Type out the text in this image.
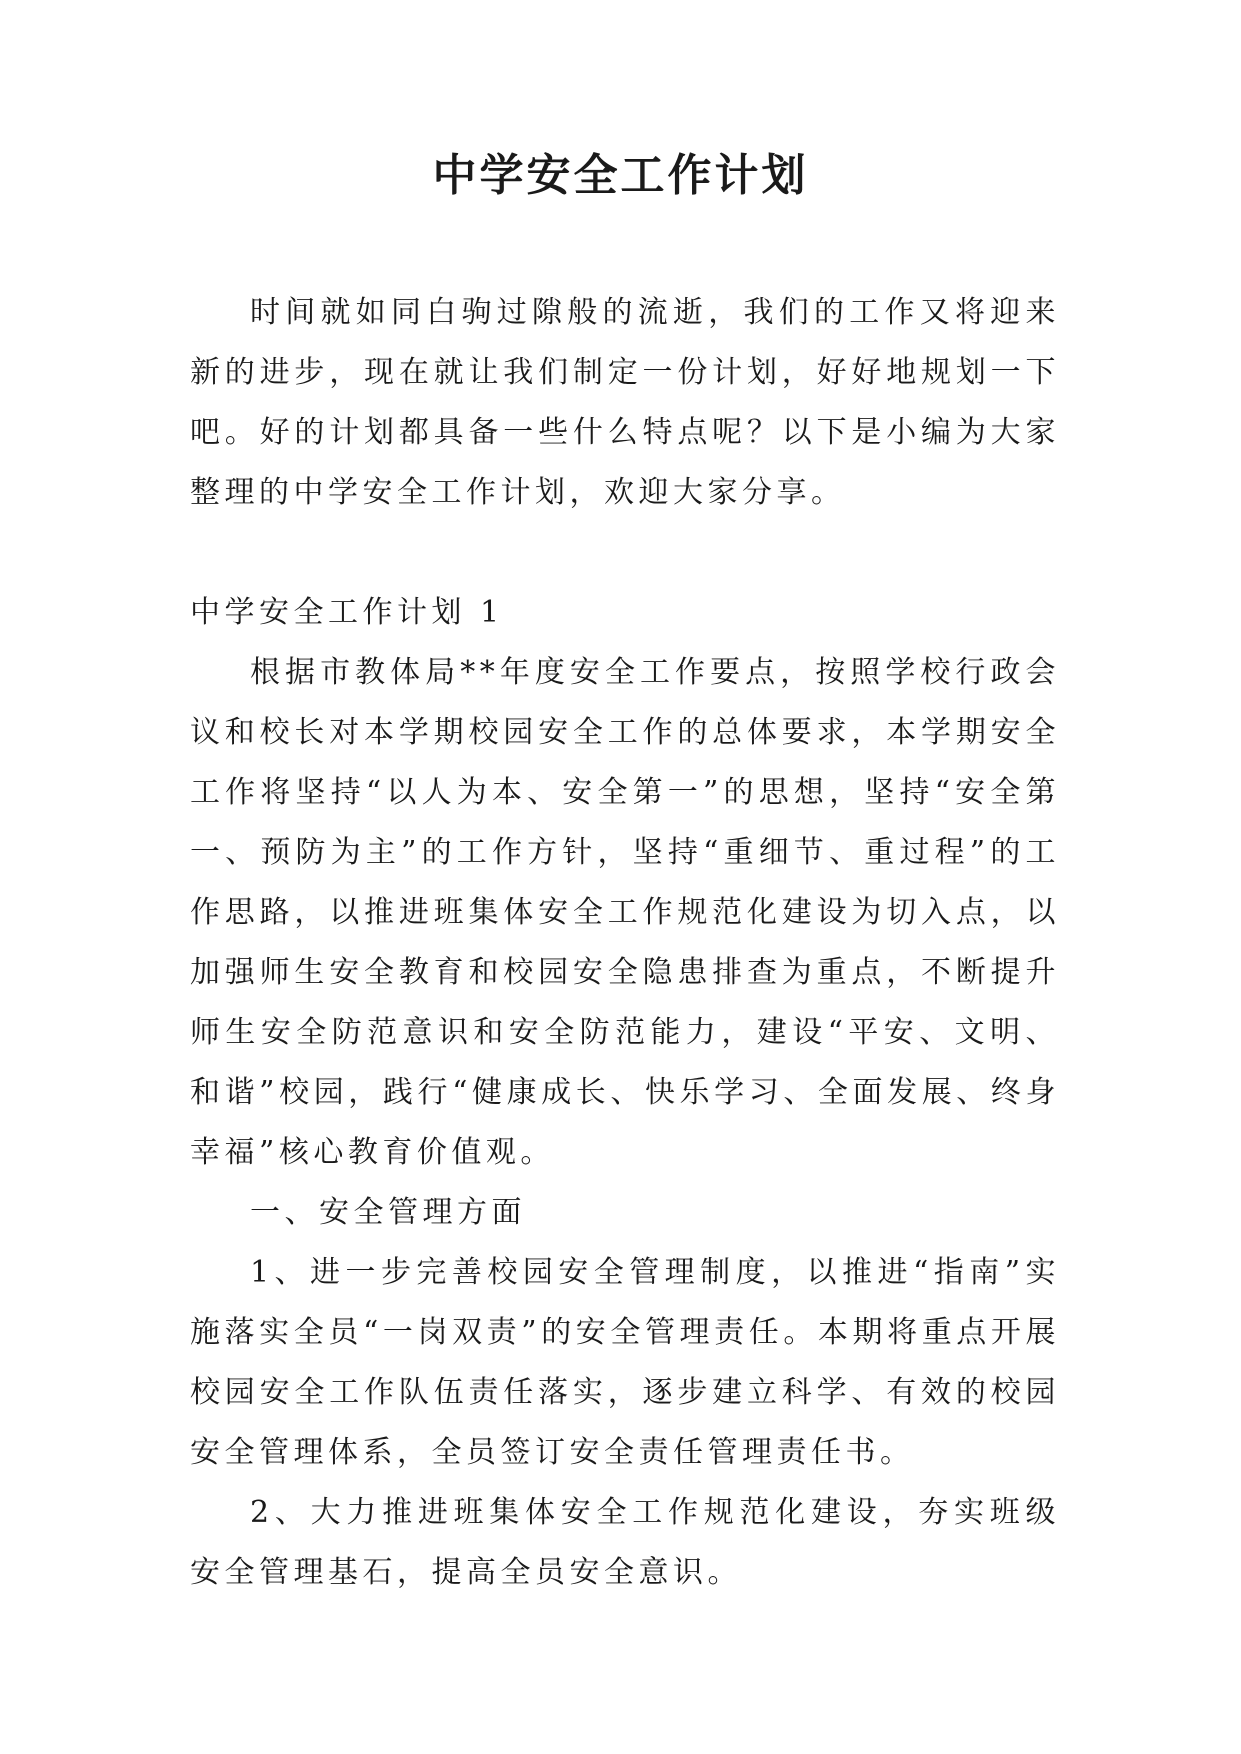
中学安全工作计划

时间就如同白驹过隙般的流逝，我们的工作又将迎来新的进步，现在就让我们制定一份计划，好好地规划一下吧。好的计划都具备一些什么特点呢？以下是小编为大家整理的中学安全工作计划，欢迎大家分享。

中学安全工作计划 1

根据市教体局**年度安全工作要点，按照学校行政会议和校长对本学期校园安全工作的总体要求，本学期安全工作将坚持“以人为本、安全第一”的思想，坚持“安全第一、预防为主”的工作方针，坚持“重细节、重过程”的工作思路，以推进班集体安全工作规范化建设为切入点，以加强师生安全教育和校园安全隐患排查为重点，不断提升师生安全防范意识和安全防范能力，建设“平安、文明、和谐”校园，践行“健康成长、快乐学习、全面发展、终身幸福”核心教育价值观。

一、安全管理方面

1、进一步完善校园安全管理制度，以推进“指南”实施落实全员“一岗双责”的安全管理责任。本期将重点开展校园安全工作队伍责任落实，逐步建立科学、有效的校园安全管理体系，全员签订安全责任管理责任书。

2、大力推进班集体安全工作规范化建设，夯实班级安全管理基石，提高全员安全意识。
